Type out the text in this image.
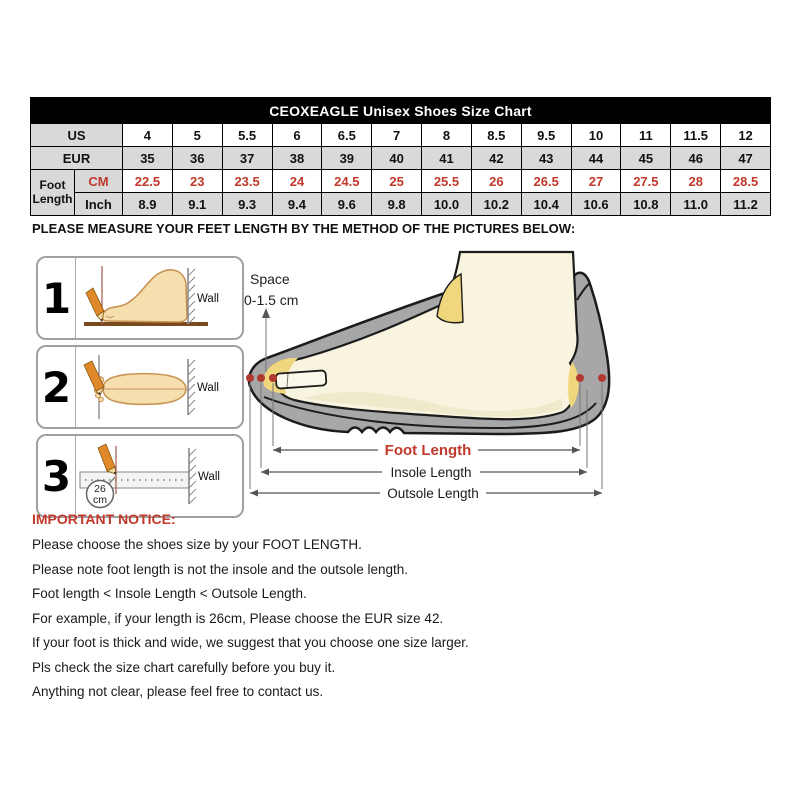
CEOXEAGLE Unisex Shoes Size Chart														
US		4	5	5.5	6	6.5	7	8	8.5	9.5	10	11	11.5	12
EUR		35	36	37	38	39	40	41	42	43	44	45	46	47
Foot Length	CM	22.5	23	23.5	24	24.5	25	25.5	26	26.5	27	27.5	28	28.5
	Inch	8.9	9.1	9.3	9.4	9.6	9.8	10.0	10.2	10.4	10.6	10.8	11.0	11.2
PLEASE MEASURE YOUR FEET LENGTH BY THE METHOD OF THE PICTURES BELOW:
1	Wall
2	Wall
3	26
cm
Wall
Space
0-1.5 cm
Foot Length
Insole Length
Outsole Length
IMPORTANT NOTICE:
Please choose the shoes size by your FOOT LENGTH.
Please note foot length is not the insole and the outsole length.
Foot length < Insole Length < Outsole Length.
For example, if your length is 26cm, Please choose the EUR size 42.
If your foot is thick and wide, we suggest that you choose one size larger.
Pls check the size chart carefully before you buy it.
Anything not clear, please feel free to contact us.
